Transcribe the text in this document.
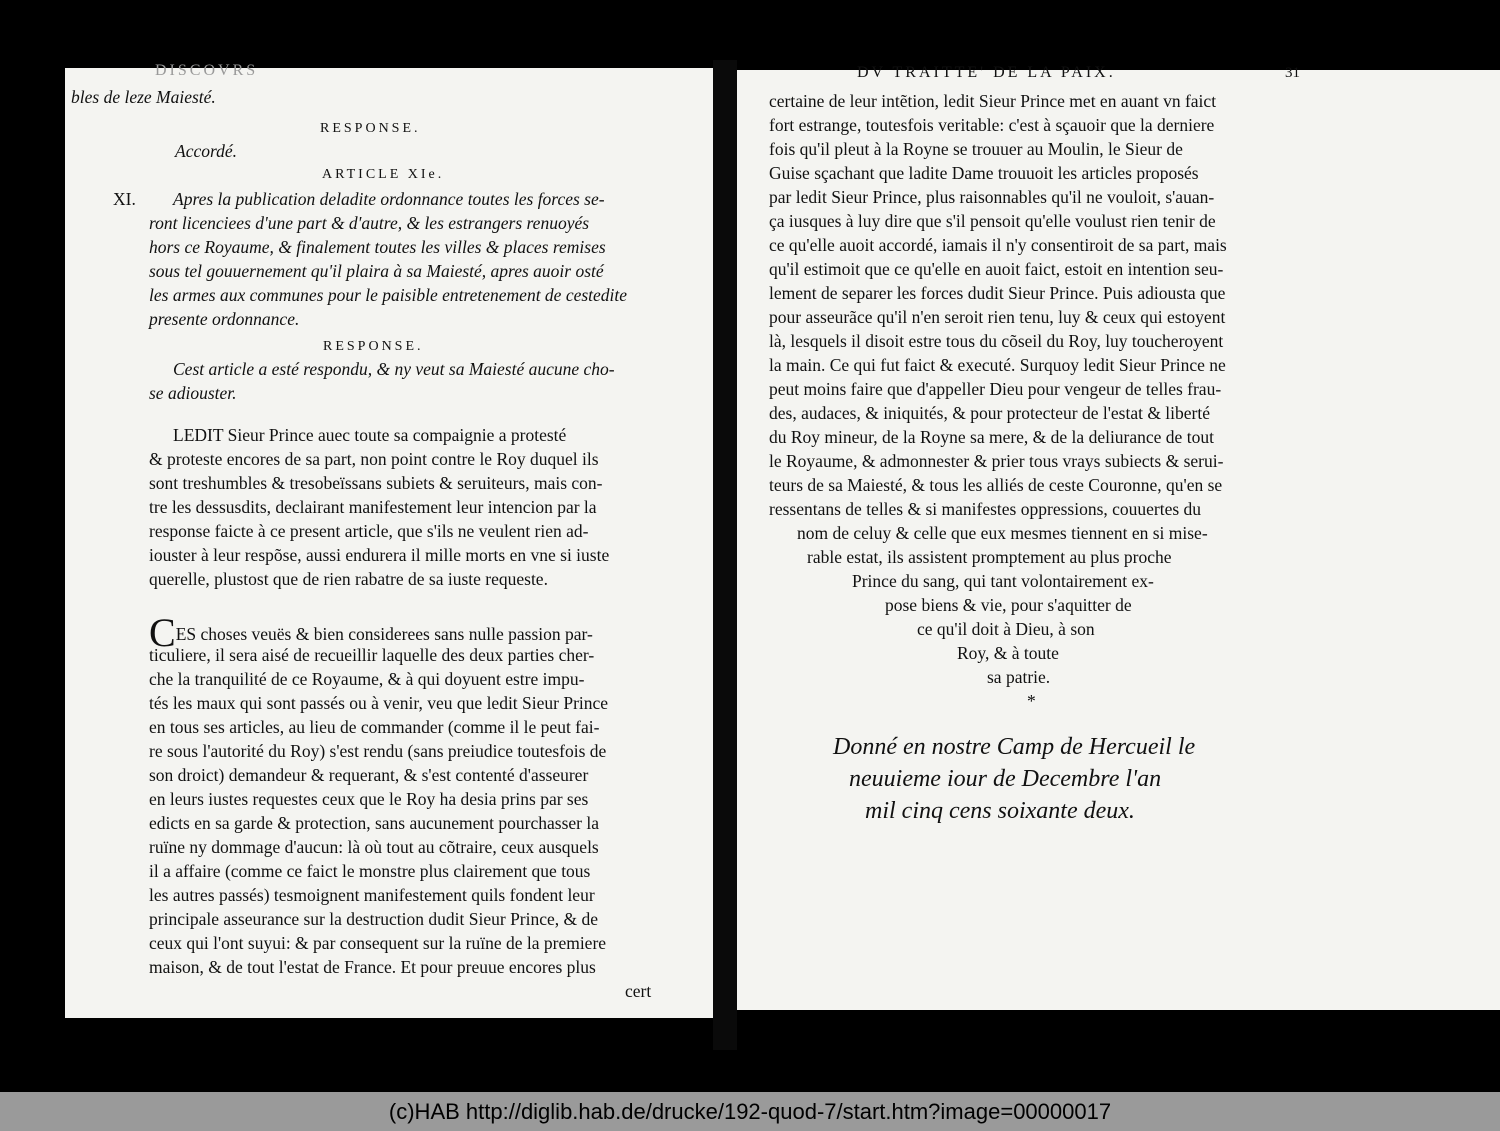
DISCOVRS
bles de leze Maiesté.
RESPONSE.
Accordé.
ARTICLE XIe.
XI. Apres la publication deladite ordonnance toutes les forces se-
ront licenciees d'une part & d'autre, & les estrangers renuoyés
hors ce Royaume, & finalement toutes les villes & places remises
sous tel gouuernement qu'il plaira à sa Maiesté, apres auoir osté
les armes aux communes pour le paisible entretenement de cestedite
presente ordonnance.
RESPONSE.
Cest article a esté respondu, & ny veut sa Maiesté aucune cho-
se adiouster.
LEDIT Sieur Prince auec toute sa compaignie a protesté
& proteste encores de sa part, non point contre le Roy duquel ils
sont treshumbles & tresobeïssans subiets & seruiteurs, mais con-
tre les dessusdits, declairant manifestement leur intencion par la
response faicte à ce present article, que s'ils ne veulent rien ad-
iouster à leur respõse, aussi endurera il mille morts en vne si iuste
querelle, plustost que de rien rabatre de sa iuste requeste.
CES choses veuës & bien considerees sans nulle passion par-
ticuliere, il sera aisé de recueillir laquelle des deux parties cher-
che la tranquilité de ce Royaume, & à qui doyuent estre impu-
tés les maux qui sont passés ou à venir, veu que ledit Sieur Prince
en tous ses articles, au lieu de commander (comme il le peut fai-
re sous l'autorité du Roy) s'est rendu (sans preiudice toutesfois de
son droict) demandeur & requerant, & s'est contenté d'asseurer
en leurs iustes requestes ceux que le Roy ha desia prins par ses
edicts en sa garde & protection, sans aucunement pourchasser la
ruïne ny dommage d'aucun: là où tout au cõtraire, ceux ausquels
il a affaire (comme ce faict le monstre plus clairement que tous
les autres passés) tesmoignent manifestement quils fondent leur
principale asseurance sur la destruction dudit Sieur Prince, & de
ceux qui l'ont suyui: & par consequent sur la ruïne de la premiere
maison, & de tout l'estat de France. Et pour preuue encores plus
cert
DV TRAITTE' DE LA PAIX.	31
certaine de leur intẽtion, ledit Sieur Prince met en auant vn faict
fort estrange, toutesfois veritable: c'est à sçauoir que la derniere
fois qu'il pleut à la Royne se trouuer au Moulin, le Sieur de
Guise sçachant que ladite Dame trouuoit les articles proposés
par ledit Sieur Prince, plus raisonnables qu'il ne vouloit, s'auan-
ça iusques à luy dire que s'il pensoit qu'elle voulust rien tenir de
ce qu'elle auoit accordé, iamais il n'y consentiroit de sa part, mais
qu'il estimoit que ce qu'elle en auoit faict, estoit en intention seu-
lement de separer les forces dudit Sieur Prince. Puis adiousta que
pour asseurãce qu'il n'en seroit rien tenu, luy & ceux qui estoyent
là, lesquels il disoit estre tous du cõseil du Roy, luy toucheroyent
la main. Ce qui fut faict & executé. Surquoy ledit Sieur Prince ne
peut moins faire que d'appeller Dieu pour vengeur de telles frau-
des, audaces, & iniquités, & pour protecteur de l'estat & liberté
du Roy mineur, de la Royne sa mere, & de la deliurance de tout
le Royaume, & admonnester & prier tous vrays subiects & serui-
teurs de sa Maiesté, & tous les alliés de ceste Couronne, qu'en se
ressentans de telles & si manifestes oppressions, couuertes du
nom de celuy & celle que eux mesmes tiennent en si mise-
rable estat, ils assistent promptement au plus proche
Prince du sang, qui tant volontairement ex-
pose biens & vie, pour s'aquitter de
ce qu'il doit à Dieu, à son
Roy, & à toute
sa patrie.
*
Donné en nostre Camp de Hercueil le
neuuieme iour de Decembre l'an
mil cinq cens soixante deux.
(c)HAB http://diglib.hab.de/drucke/192-quod-7/start.htm?image=00000017
